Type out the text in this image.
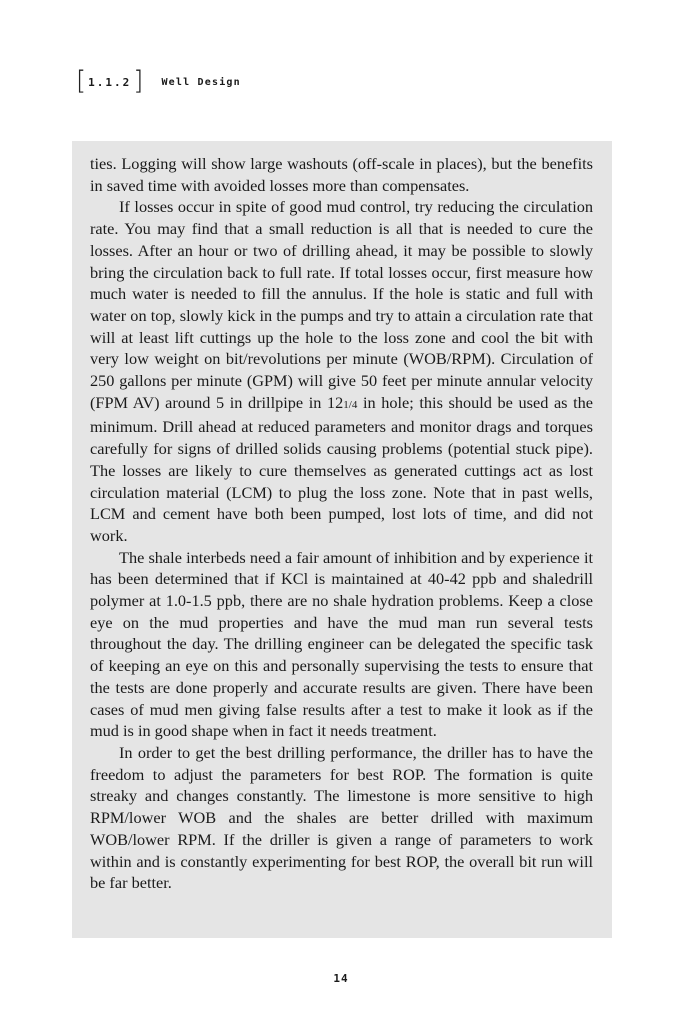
[ 1.1.2 ] Well Design

ties. Logging will show large washouts (off-scale in places), but the benefits in saved time with avoided losses more than compensates.

If losses occur in spite of good mud control, try reducing the circulation rate. You may find that a small reduction is all that is needed to cure the losses. After an hour or two of drilling ahead, it may be possible to slowly bring the circulation back to full rate. If total losses occur, first measure how much water is needed to fill the annulus. If the hole is static and full with water on top, slowly kick in the pumps and try to attain a circulation rate that will at least lift cuttings up the hole to the loss zone and cool the bit with very low weight on bit/revolutions per minute (WOB/RPM). Circulation of 250 gallons per minute (GPM) will give 50 feet per minute annular velocity (FPM AV) around 5 in drillpipe in 121/4 in hole; this should be used as the minimum. Drill ahead at reduced parameters and monitor drags and torques carefully for signs of drilled solids causing problems (potential stuck pipe). The losses are likely to cure themselves as generated cuttings act as lost circulation material (LCM) to plug the loss zone. Note that in past wells, LCM and cement have both been pumped, lost lots of time, and did not work.

The shale interbeds need a fair amount of inhibition and by experience it has been determined that if KCl is maintained at 40-42 ppb and shaledrill polymer at 1.0-1.5 ppb, there are no shale hydration problems. Keep a close eye on the mud properties and have the mud man run several tests throughout the day. The drilling engineer can be delegated the specific task of keeping an eye on this and personally supervising the tests to ensure that the tests are done properly and accurate results are given. There have been cases of mud men giving false results after a test to make it look as if the mud is in good shape when in fact it needs treatment.

In order to get the best drilling performance, the driller has to have the freedom to adjust the parameters for best ROP. The formation is quite streaky and changes constantly. The limestone is more sensitive to high RPM/lower WOB and the shales are better drilled with maximum WOB/lower RPM. If the driller is given a range of parameters to work within and is constantly experimenting for best ROP, the overall bit run will be far better.

14
